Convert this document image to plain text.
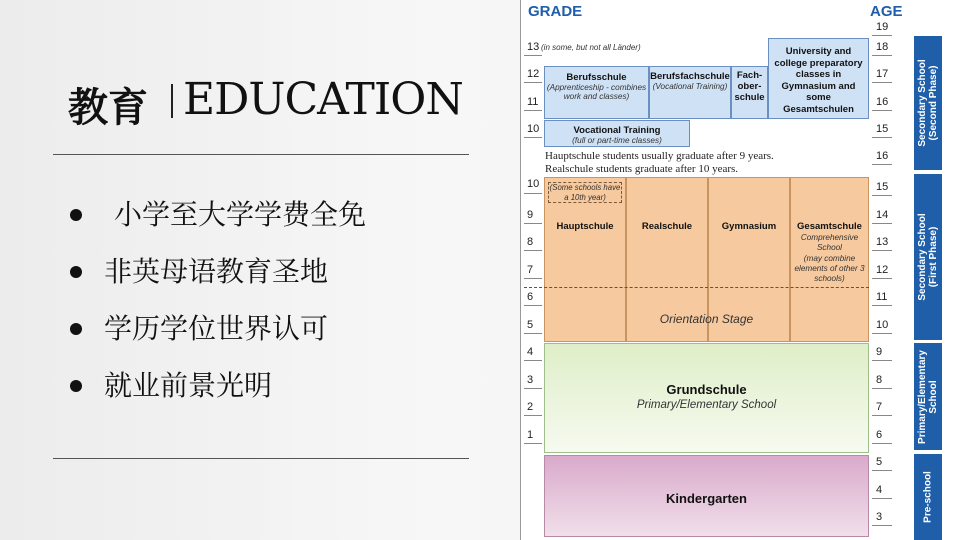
教育 EDUCATION
小学至大学学费全免
非英母语教育圣地
学历学位世界认可
就业前景光明
GRADE	AGE
13 (in some, but not all Länder)
12
11
10
10
9
8
7
6
5
4
3
2
1
Berufsschule
(Apprenticeship - combines work and classes)
Berufsfachschule
(Vocational Training)
Fach-
ober-
schule
University and college preparatory classes in Gymnasium and some Gesamtschulen
Vocational Training
(full or part-time classes)
Hauptschule students usually graduate after 9 years.
Realschule students graduate after 10 years.
(Some schools have a 10th year)
Hauptschule	Realschule	Gymnasium	Gesamtschule
Comprehensive School
(may combine elements of other 3 schools)
Orientation Stage
Grundschule
Primary/Elementary School
Kindergarten
19
18
17
16
15
16
15
14
13
12
11
10
9
8
7
6
5
4
3
Secondary School
(Second Phase)
Secondary School
(First Phase)
Primary/Elementary
School
Pre-school
